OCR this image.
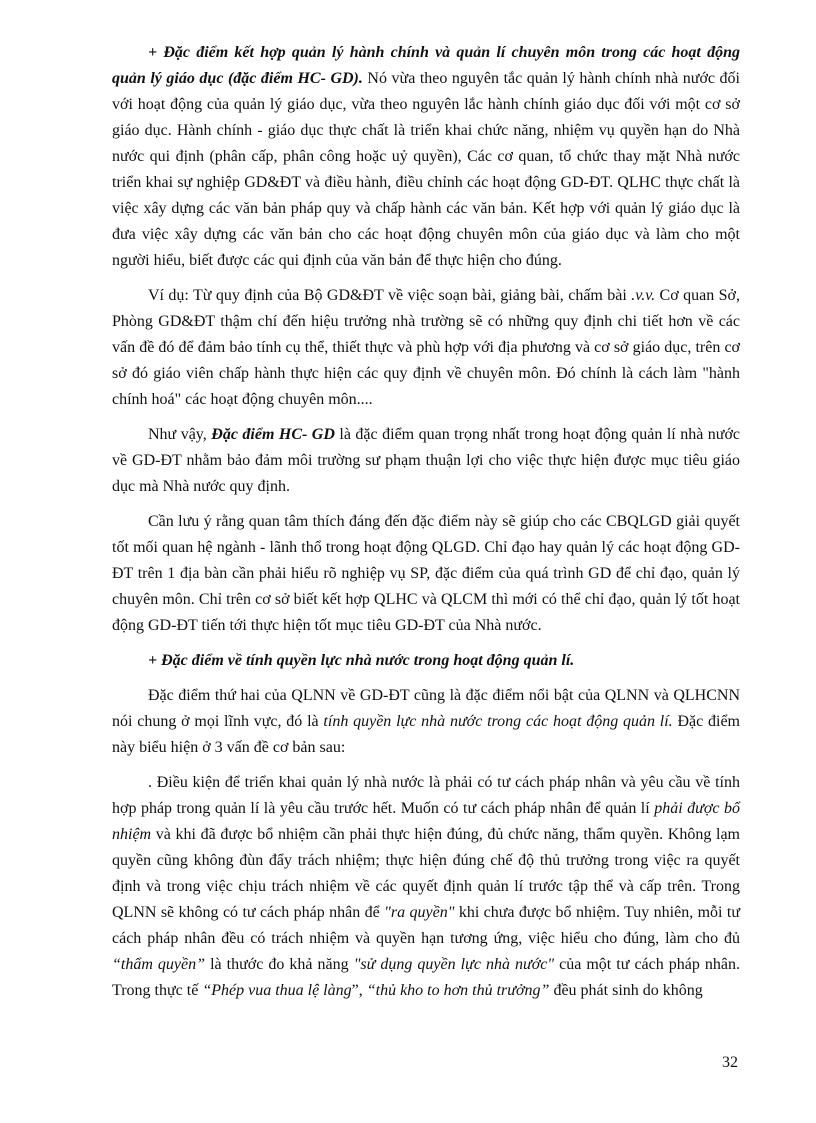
+ Đặc điểm kết hợp quản lý hành chính và quản lí chuyên môn trong các hoạt động quản lý giáo dục (đặc điểm HC- GD). Nó vừa theo nguyên tắc quản lý hành chính nhà nước đối với hoạt động của quản lý giáo dục, vừa theo nguyên lắc hành chính giáo dục đối với một cơ sở giáo dục. Hành chính - giáo dục thực chất là triển khai chức năng, nhiệm vụ quyền hạn do Nhà nước qui định (phân cấp, phân công hoặc uỷ quyền), Các cơ quan, tổ chức thay mặt Nhà nước triển khai sự nghiệp GD&ĐT và điều hành, điều chỉnh các hoạt động GD-ĐT. QLHC thực chất là việc xây dựng các văn bản pháp quy và chấp hành các văn bản. Kết hợp với quản lý giáo dục là đưa việc xây dựng các văn bản cho các hoạt động chuyên môn của giáo dục và làm cho một người hiểu, biết được các qui định của văn bản để thực hiện cho đúng.

Ví dụ: Từ quy định của Bộ GD&ĐT về việc soạn bài, giảng bài, chấm bài .v.v. Cơ quan Sở, Phòng GD&ĐT thậm chí đến hiệu trưởng nhà trường sẽ có những quy định chi tiết hơn về các vấn đề đó để đảm bảo tính cụ thể, thiết thực và phù hợp với địa phương và cơ sở giáo dục, trên cơ sở đó giáo viên chấp hành thực hiện các quy định về chuyên môn. Đó chính là cách làm "hành chính hoá" các hoạt động chuyên môn....

Như vậy, Đặc điểm HC- GD là đặc điểm quan trọng nhất trong hoạt động quản lí nhà nước về GD-ĐT nhằm bảo đảm môi trường sư phạm thuận lợi cho việc thực hiện được mục tiêu giáo dục mà Nhà nước quy định.

Cần lưu ý rằng quan tâm thích đáng đến đặc điểm này sẽ giúp cho các CBQLGD giải quyết tốt mối quan hệ ngành - lãnh thổ trong hoạt động QLGD. Chỉ đạo hay quản lý các hoạt động GD-ĐT trên 1 địa bàn cần phải hiểu rõ nghiệp vụ SP, đặc điểm của quá trình GD để chỉ đạo, quản lý chuyên môn. Chỉ trên cơ sở biết kết hợp QLHC và QLCM thì mới có thể chỉ đạo, quản lý tốt hoạt động GD-ĐT tiến tới thực hiện tốt mục tiêu GD-ĐT của Nhà nước.

+ Đặc điểm về tính quyền lực nhà nước trong hoạt động quản lí.

Đặc điểm thứ hai của QLNN về GD-ĐT cũng là đặc điểm nổi bật của QLNN và QLHCNN nói chung ở mọi lĩnh vực, đó là tính quyền lực nhà nước trong các hoạt động quản lí. Đặc điểm này biểu hiện ở 3 vấn đề cơ bản sau:

. Điều kiện để triển khai quản lý nhà nước là phải có tư cách pháp nhân và yêu cầu về tính hợp pháp trong quản lí là yêu cầu trước hết. Muốn có tư cách pháp nhân để quản lí phải được bổ nhiệm và khi đã được bổ nhiệm cần phải thực hiện đúng, đủ chức năng, thẩm quyền. Không lạm quyền cũng không đùn đẩy trách nhiệm; thực hiện đúng chế độ thủ trưởng trong việc ra quyết định và trong việc chịu trách nhiệm về các quyết định quản lí trước tập thể và cấp trên. Trong QLNN sẽ không có tư cách pháp nhân để "ra quyền" khi chưa được bổ nhiệm. Tuy nhiên, mỗi tư cách pháp nhân đều có trách nhiệm và quyền hạn tương ứng, việc hiểu cho đúng, làm cho đủ “thẩm quyền” là thước đo khả năng "sử dụng quyền lực nhà nước" của một tư cách pháp nhân. Trong thực tế “Phép vua thua lệ làng”, “thủ kho to hơn thủ trưởng” đều phát sinh do không

32
